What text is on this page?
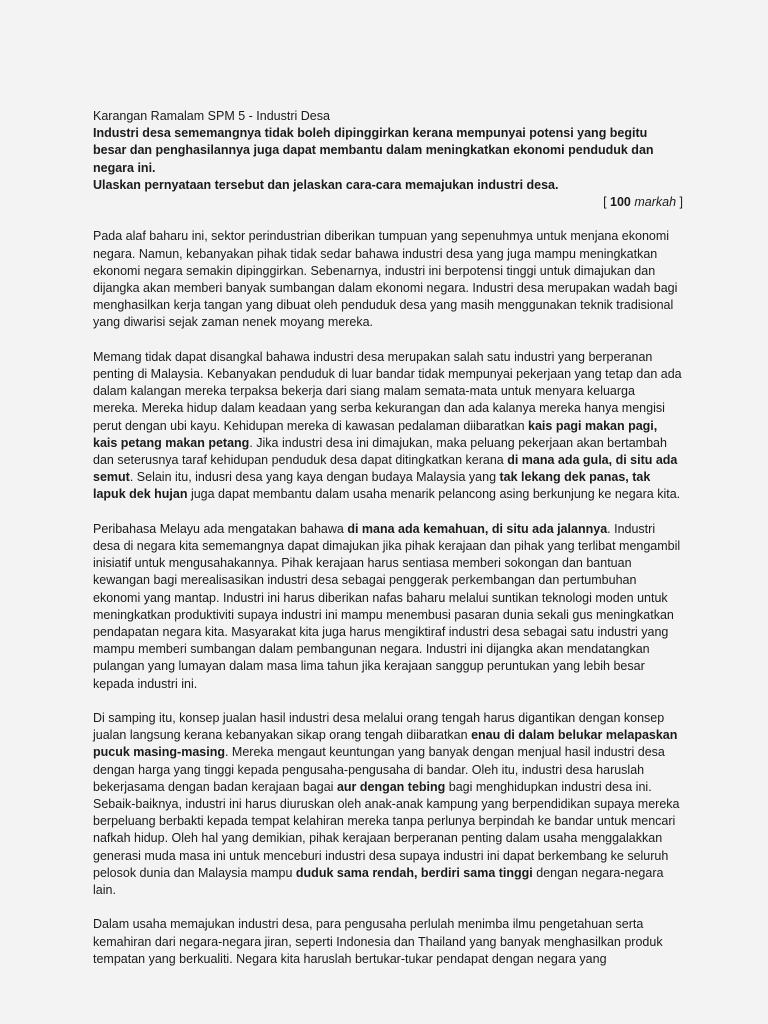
Karangan Ramalam SPM 5 - Industri Desa

Industri desa sememangnya tidak boleh dipinggirkan kerana mempunyai potensi yang begitu besar dan penghasilannya juga dapat membantu dalam meningkatkan ekonomi penduduk dan negara ini.

Ulaskan pernyataan tersebut dan jelaskan cara-cara memajukan industri desa.

[ 100 markah ]

Pada alaf baharu ini, sektor perindustrian diberikan tumpuan yang sepenuhmya untuk menjana ekonomi negara. Namun, kebanyakan pihak tidak sedar bahawa industri desa yang juga mampu meningkatkan ekonomi negara semakin dipinggirkan. Sebenarnya, industri ini berpotensi tinggi untuk dimajukan dan dijangka akan memberi banyak sumbangan dalam ekonomi negara. Industri desa merupakan wadah bagi menghasilkan kerja tangan yang dibuat oleh penduduk desa yang masih menggunakan teknik tradisional yang diwarisi sejak zaman nenek moyang mereka.

Memang tidak dapat disangkal bahawa industri desa merupakan salah satu industri yang berperanan penting di Malaysia. Kebanyakan penduduk di luar bandar tidak mempunyai pekerjaan yang tetap dan ada dalam kalangan mereka terpaksa bekerja dari siang malam semata-mata untuk menyara keluarga mereka. Mereka hidup dalam keadaan yang serba kekurangan dan ada kalanya mereka hanya mengisi perut dengan ubi kayu. Kehidupan mereka di kawasan pedalaman diibaratkan kais pagi makan pagi, kais petang makan petang. Jika industri desa ini dimajukan, maka peluang pekerjaan akan bertambah dan seterusnya taraf kehidupan penduduk desa dapat ditingkatkan kerana di mana ada gula, di situ ada semut. Selain itu, indusri desa yang kaya dengan budaya Malaysia yang tak lekang dek panas, tak lapuk dek hujan juga dapat membantu dalam usaha menarik pelancong asing berkunjung ke negara kita.

Peribahasa Melayu ada mengatakan bahawa di mana ada kemahuan, di situ ada jalannya. Industri desa di negara kita sememangnya dapat dimajukan jika pihak kerajaan dan pihak yang terlibat mengambil inisiatif untuk mengusahakannya. Pihak kerajaan harus sentiasa memberi sokongan dan bantuan kewangan bagi merealisasikan industri desa sebagai penggerak perkembangan dan pertumbuhan ekonomi yang mantap. Industri ini harus diberikan nafas baharu melalui suntikan teknologi moden untuk meningkatkan produktiviti supaya industri ini mampu menembusi pasaran dunia sekali gus meningkatkan pendapatan negara kita. Masyarakat kita juga harus mengiktiraf industri desa sebagai satu industri yang mampu memberi sumbangan dalam pembangunan negara. Industri ini dijangka akan mendatangkan pulangan yang lumayan dalam masa lima tahun jika kerajaan sanggup peruntukan yang lebih besar kepada industri ini.

Di samping itu, konsep jualan hasil industri desa melalui orang tengah harus digantikan dengan konsep jualan langsung kerana kebanyakan sikap orang tengah diibaratkan enau di dalam belukar melapaskan pucuk masing-masing. Mereka mengaut keuntungan yang banyak dengan menjual hasil industri desa dengan harga yang tinggi kepada pengusaha-pengusaha di bandar. Oleh itu, industri desa haruslah bekerjasama dengan badan kerajaan bagai aur dengan tebing bagi menghidupkan industri desa ini. Sebaik-baiknya, industri ini harus diuruskan oleh anak-anak kampung yang berpendidikan supaya mereka berpeluang berbakti kepada tempat kelahiran mereka tanpa perlunya berpindah ke bandar untuk mencari nafkah hidup. Oleh hal yang demikian, pihak kerajaan berperanan penting dalam usaha menggalakkan generasi muda masa ini untuk menceburi industri desa supaya industri ini dapat berkembang ke seluruh pelosok dunia dan Malaysia mampu duduk sama rendah, berdiri sama tinggi dengan negara-negara lain.

Dalam usaha memajukan industri desa, para pengusaha perlulah menimba ilmu pengetahuan serta kemahiran dari negara-negara jiran, seperti Indonesia dan Thailand yang banyak menghasilkan produk tempatan yang berkualiti. Negara kita haruslah bertukar-tukar pendapat dengan negara yang
